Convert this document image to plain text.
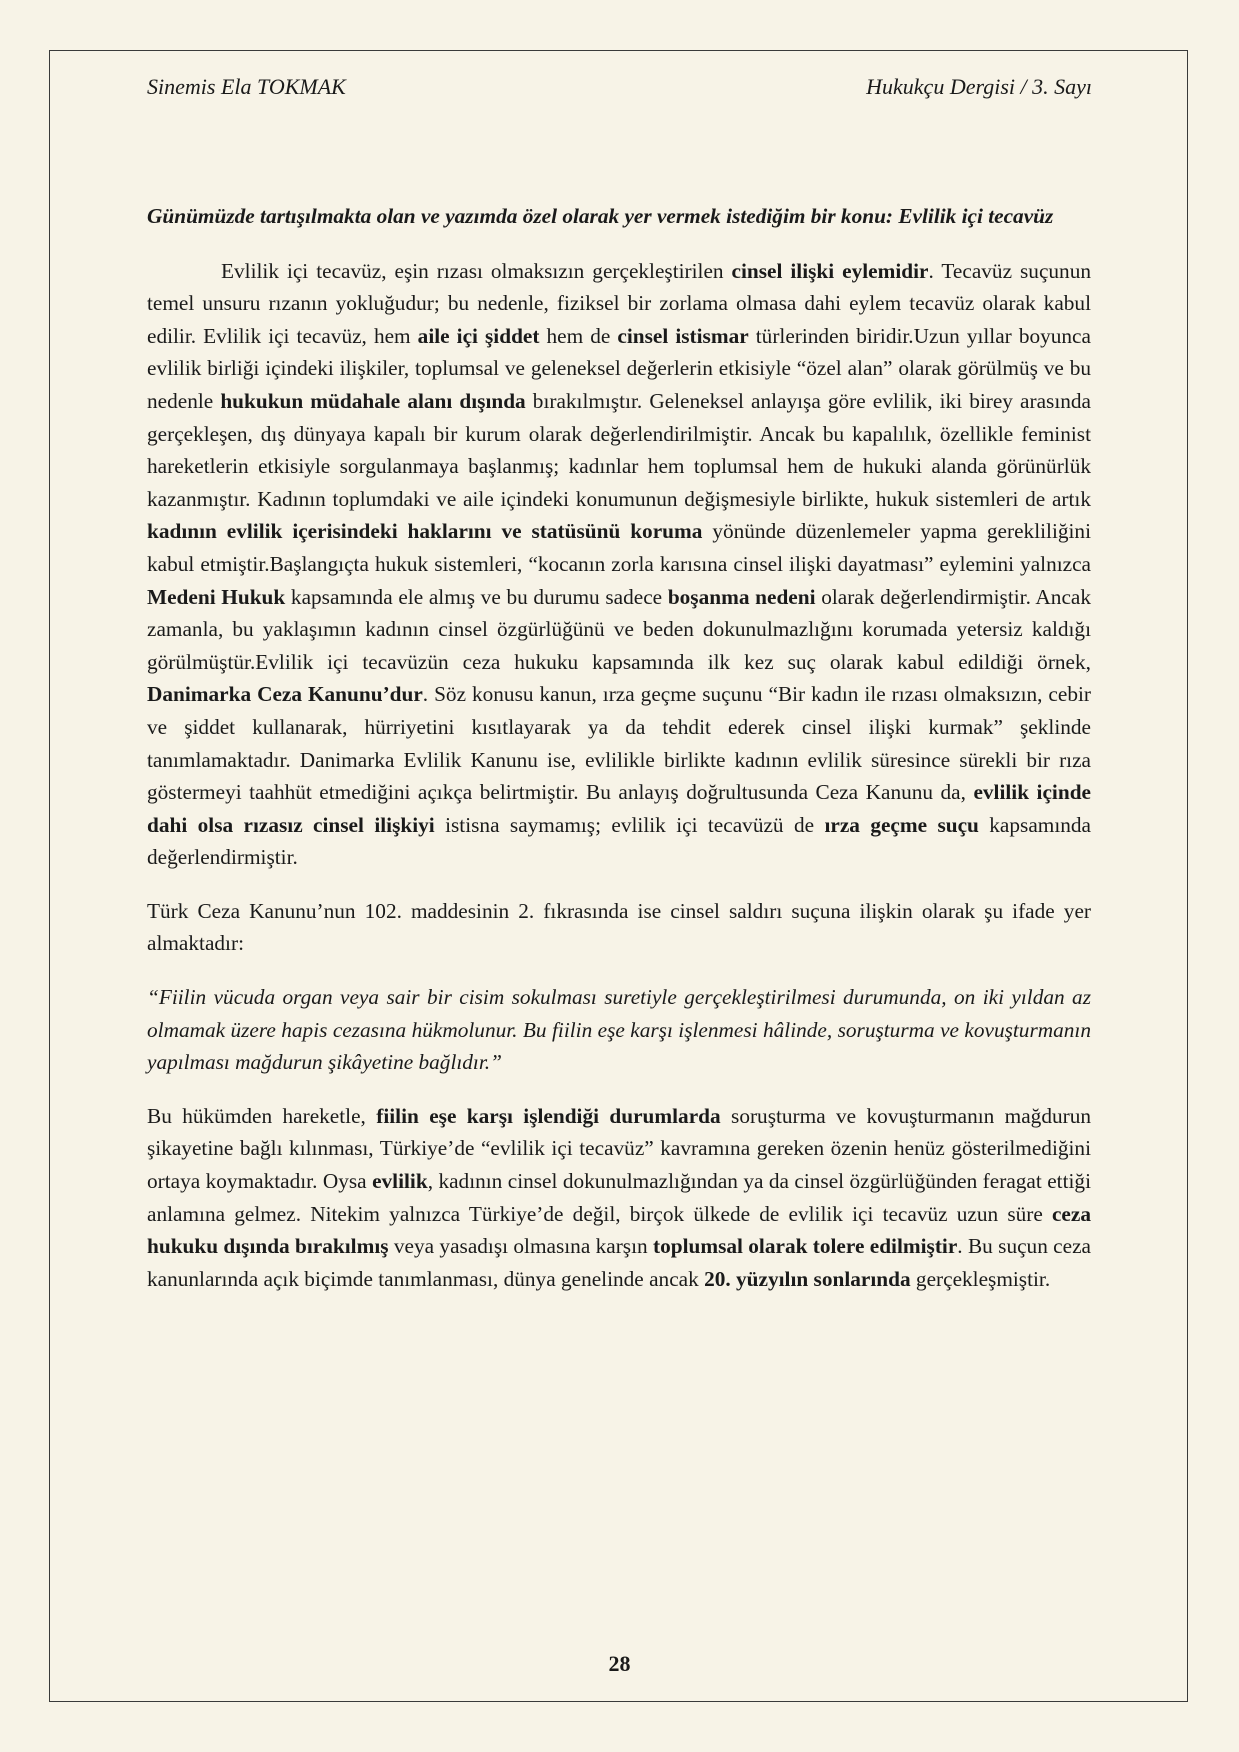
Sinemis Ela TOKMAK	Hukukçu Dergisi / 3. Sayı

Günümüzde tartışılmakta olan ve yazımda özel olarak yer vermek istediğim bir konu: Evlilik içi tecavüz

Evlilik içi tecavüz, eşin rızası olmaksızın gerçekleştirilen cinsel ilişki eylemidir. Tecavüz suçunun temel unsuru rızanın yokluğudur; bu nedenle, fiziksel bir zorlama olmasa dahi eylem tecavüz olarak kabul edilir. Evlilik içi tecavüz, hem aile içi şiddet hem de cinsel istismar türlerinden biridir.Uzun yıllar boyunca evlilik birliği içindeki ilişkiler, toplumsal ve geleneksel değerlerin etkisiyle “özel alan” olarak görülmüş ve bu nedenle hukukun müdahale alanı dışında bırakılmıştır. Geleneksel anlayışa göre evlilik, iki birey arasında gerçekleşen, dış dünyaya kapalı bir kurum olarak değerlendirilmiştir. Ancak bu kapalılık, özellikle feminist hareketlerin etkisiyle sorgulanmaya başlanmış; kadınlar hem toplumsal hem de hukuki alanda görünürlük kazanmıştır. Kadının toplumdaki ve aile içindeki konumunun değişmesiyle birlikte, hukuk sistemleri de artık kadının evlilik içerisindeki haklarını ve statüsünü koruma yönünde düzenlemeler yapma gerekliliğini kabul etmiştir.Başlangıçta hukuk sistemleri, “kocanın zorla karısına cinsel ilişki dayatması” eylemini yalnızca Medeni Hukuk kapsamında ele almış ve bu durumu sadece boşanma nedeni olarak değerlendirmiştir. Ancak zamanla, bu yaklaşımın kadının cinsel özgürlüğünü ve beden dokunulmazlığını korumada yetersiz kaldığı görülmüştür.Evlilik içi tecavüzün ceza hukuku kapsamında ilk kez suç olarak kabul edildiği örnek, Danimarka Ceza Kanunu’dur. Söz konusu kanun, ırza geçme suçunu “Bir kadın ile rızası olmaksızın, cebir ve şiddet kullanarak, hürriyetini kısıtlayarak ya da tehdit ederek cinsel ilişki kurmak” şeklinde tanımlamaktadır. Danimarka Evlilik Kanunu ise, evlilikle birlikte kadının evlilik süresince sürekli bir rıza göstermeyi taahhüt etmediğini açıkça belirtmiştir. Bu anlayış doğrultusunda Ceza Kanunu da, evlilik içinde dahi olsa rızasız cinsel ilişkiyi istisna saymamış; evlilik içi tecavüzü de ırza geçme suçu kapsamında değerlendirmiştir.

Türk Ceza Kanunu’nun 102. maddesinin 2. fıkrasında ise cinsel saldırı suçuna ilişkin olarak şu ifade yer almaktadır:

“Fiilin vücuda organ veya sair bir cisim sokulması suretiyle gerçekleştirilmesi durumunda, on iki yıldan az olmamak üzere hapis cezasına hükmolunur. Bu fiilin eşe karşı işlenmesi hâlinde, soruşturma ve kovuşturmanın yapılması mağdurun şikâyetine bağlıdır.”

Bu hükümden hareketle, fiilin eşe karşı işlendiği durumlarda soruşturma ve kovuşturmanın mağdurun şikayetine bağlı kılınması, Türkiye’de “evlilik içi tecavüz” kavramına gereken özenin henüz gösterilmediğini ortaya koymaktadır. Oysa evlilik, kadının cinsel dokunulmazlığından ya da cinsel özgürlüğünden feragat ettiği anlamına gelmez. Nitekim yalnızca Türkiye’de değil, birçok ülkede de evlilik içi tecavüz uzun süre ceza hukuku dışında bırakılmış veya yasadışı olmasına karşın toplumsal olarak tolere edilmiştir. Bu suçun ceza kanunlarında açık biçimde tanımlanması, dünya genelinde ancak 20. yüzyılın sonlarında gerçekleşmiştir.

28
